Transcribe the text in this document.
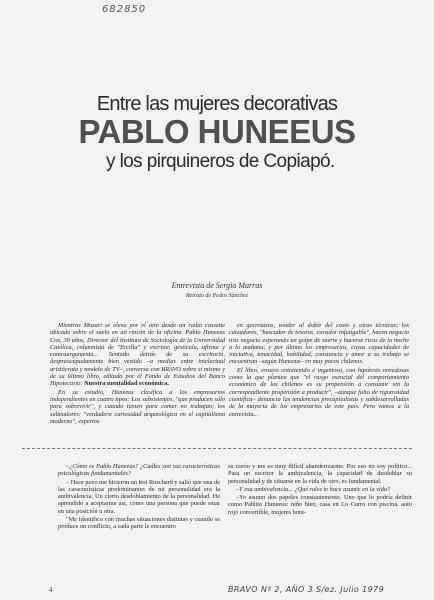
682850
Entre las mujeres decorativas
PABLO HUNEEUS
y los pirquineros de Copiapó.
Entrevista de Sergio Marras
Retrato de Pedro Sánchez

Mientras Mozart se eleva por el aire desde un radio cassette ubicado sobre el suelo en un rincón de la oficina. Pablo Huneeus Cox, 39 años, Director del Instituto de Sociología de la Universidad Católica, columnista de "Ercilla" y escritor, gesticula, afirma y contraargumenta... Sentado detrás de su escritorio, despreocupadamente bien vestido –a medias entre intelectual aristócrata y modelo de TV–, conversa con BRAVO sobre sí mismo y de su último libro, editado por el Fondo de Estudios del Banco Hipotecario: Nuestra mentalidad económica.

En su estudio, Huneeus clasifica a los empresarios independientes en cuatro tipos: Los subsistentes, "que producen sólo para sobrevivir", y cuando tienen para comer no trabajan; los salteadores: "verdadera curiosidad arqueológica en el capitalismo moderno", expertos

en garrotazos, vender al doble del costo y otras técnicas; los cateadores, "buscador de tesoros, cavador infatigable", hacen negocio tras negocio esperando un golpe de suerte y hacerse ricos de la noche a la mañana; y por último los empresarios, cuyas capacidades de iniciativa, tenacidad, habilidad, constancia y amor a su trabajo se encuentran –según Huneeus– en muy pocos chilenos.

El libro, ensayo entretenido e ingenioso, con hipótesis novedosas como la que plantea que "el rasgo esencial del comportamiento económico de los chilenos es su propensión a consumir sin la correspondiente propensión a producir", –aunque falto de rigurosidad científica– denuncia las tendencias precapitalistas y subdesarrolladas de la mayoría de los empresarios de este país. Pero vamos a la entrevista...

–¿Cómo es Pablo Huneeus? ¿Cuáles son sus características psicológicas fundamentales?

– Hace poco me hicieron un test Roschard y salió que una de las características predominantes de mi personalidad era la ambivalencia. Un cierto desdoblamiento de la personalidad. He aprendido a aceptarme así, como una persona que puede estar en una posición u otra.

"Me identifico con muchas situaciones distintas y cuando se produce un conflicto, a cada parte le encuentro

su razón y me es muy difícil abanderizarme. Por eso no soy político... Para un escritor la ambivalencia, la capacidad de desdoblar su personalidad y de situarse en la vida de otro, es fundamental.

–Y esa ambivalencia... ¿Qué roles te hace asumir en la vida?

–Yo asumo dos papeles constantemente. Uno que lo podría definir como Pablito Huneeus: niño bien, casa en Lo Curro con piscina, auto rojo convertible, mujeres boni-

4	BRAVO Nº 2, AÑO 3 S/ez. Julio 1979
